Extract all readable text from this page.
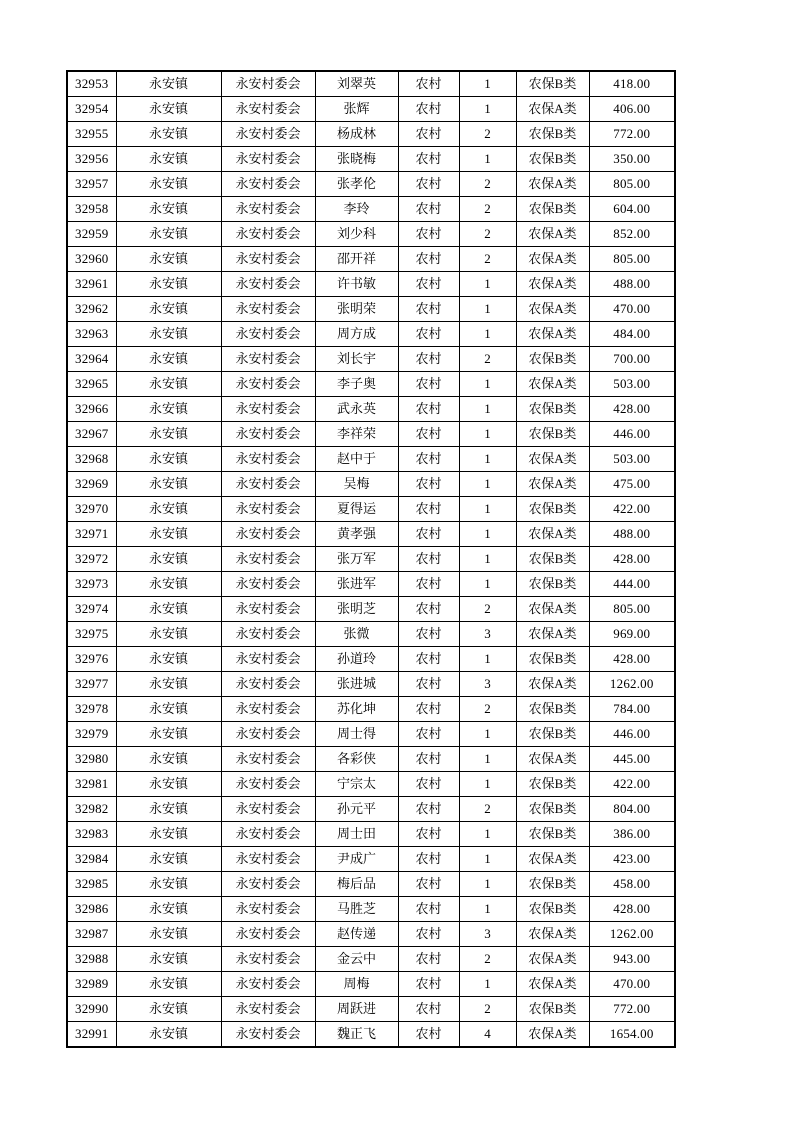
32953	永安镇	永安村委会	刘翠英	农村	1	农保B类	418.00
32954	永安镇	永安村委会	张辉	农村	1	农保A类	406.00
32955	永安镇	永安村委会	杨成林	农村	2	农保B类	772.00
32956	永安镇	永安村委会	张晓梅	农村	1	农保B类	350.00
32957	永安镇	永安村委会	张孝伦	农村	2	农保A类	805.00
32958	永安镇	永安村委会	李玲	农村	2	农保B类	604.00
32959	永安镇	永安村委会	刘少科	农村	2	农保A类	852.00
32960	永安镇	永安村委会	邵开祥	农村	2	农保A类	805.00
32961	永安镇	永安村委会	许书敏	农村	1	农保A类	488.00
32962	永安镇	永安村委会	张明荣	农村	1	农保A类	470.00
32963	永安镇	永安村委会	周方成	农村	1	农保A类	484.00
32964	永安镇	永安村委会	刘长宇	农村	2	农保B类	700.00
32965	永安镇	永安村委会	李子奥	农村	1	农保A类	503.00
32966	永安镇	永安村委会	武永英	农村	1	农保B类	428.00
32967	永安镇	永安村委会	李祥荣	农村	1	农保B类	446.00
32968	永安镇	永安村委会	赵中于	农村	1	农保A类	503.00
32969	永安镇	永安村委会	吴梅	农村	1	农保A类	475.00
32970	永安镇	永安村委会	夏得运	农村	1	农保B类	422.00
32971	永安镇	永安村委会	黄孝强	农村	1	农保A类	488.00
32972	永安镇	永安村委会	张万军	农村	1	农保B类	428.00
32973	永安镇	永安村委会	张进军	农村	1	农保B类	444.00
32974	永安镇	永安村委会	张明芝	农村	2	农保A类	805.00
32975	永安镇	永安村委会	张微	农村	3	农保A类	969.00
32976	永安镇	永安村委会	孙道玲	农村	1	农保B类	428.00
32977	永安镇	永安村委会	张进城	农村	3	农保A类	1262.00
32978	永安镇	永安村委会	苏化坤	农村	2	农保B类	784.00
32979	永安镇	永安村委会	周士得	农村	1	农保B类	446.00
32980	永安镇	永安村委会	各彩侠	农村	1	农保A类	445.00
32981	永安镇	永安村委会	宁宗太	农村	1	农保B类	422.00
32982	永安镇	永安村委会	孙元平	农村	2	农保B类	804.00
32983	永安镇	永安村委会	周士田	农村	1	农保B类	386.00
32984	永安镇	永安村委会	尹成广	农村	1	农保A类	423.00
32985	永安镇	永安村委会	梅后品	农村	1	农保B类	458.00
32986	永安镇	永安村委会	马胜芝	农村	1	农保B类	428.00
32987	永安镇	永安村委会	赵传递	农村	3	农保A类	1262.00
32988	永安镇	永安村委会	金云中	农村	2	农保A类	943.00
32989	永安镇	永安村委会	周梅	农村	1	农保A类	470.00
32990	永安镇	永安村委会	周跃进	农村	2	农保B类	772.00
32991	永安镇	永安村委会	魏正飞	农村	4	农保A类	1654.00
